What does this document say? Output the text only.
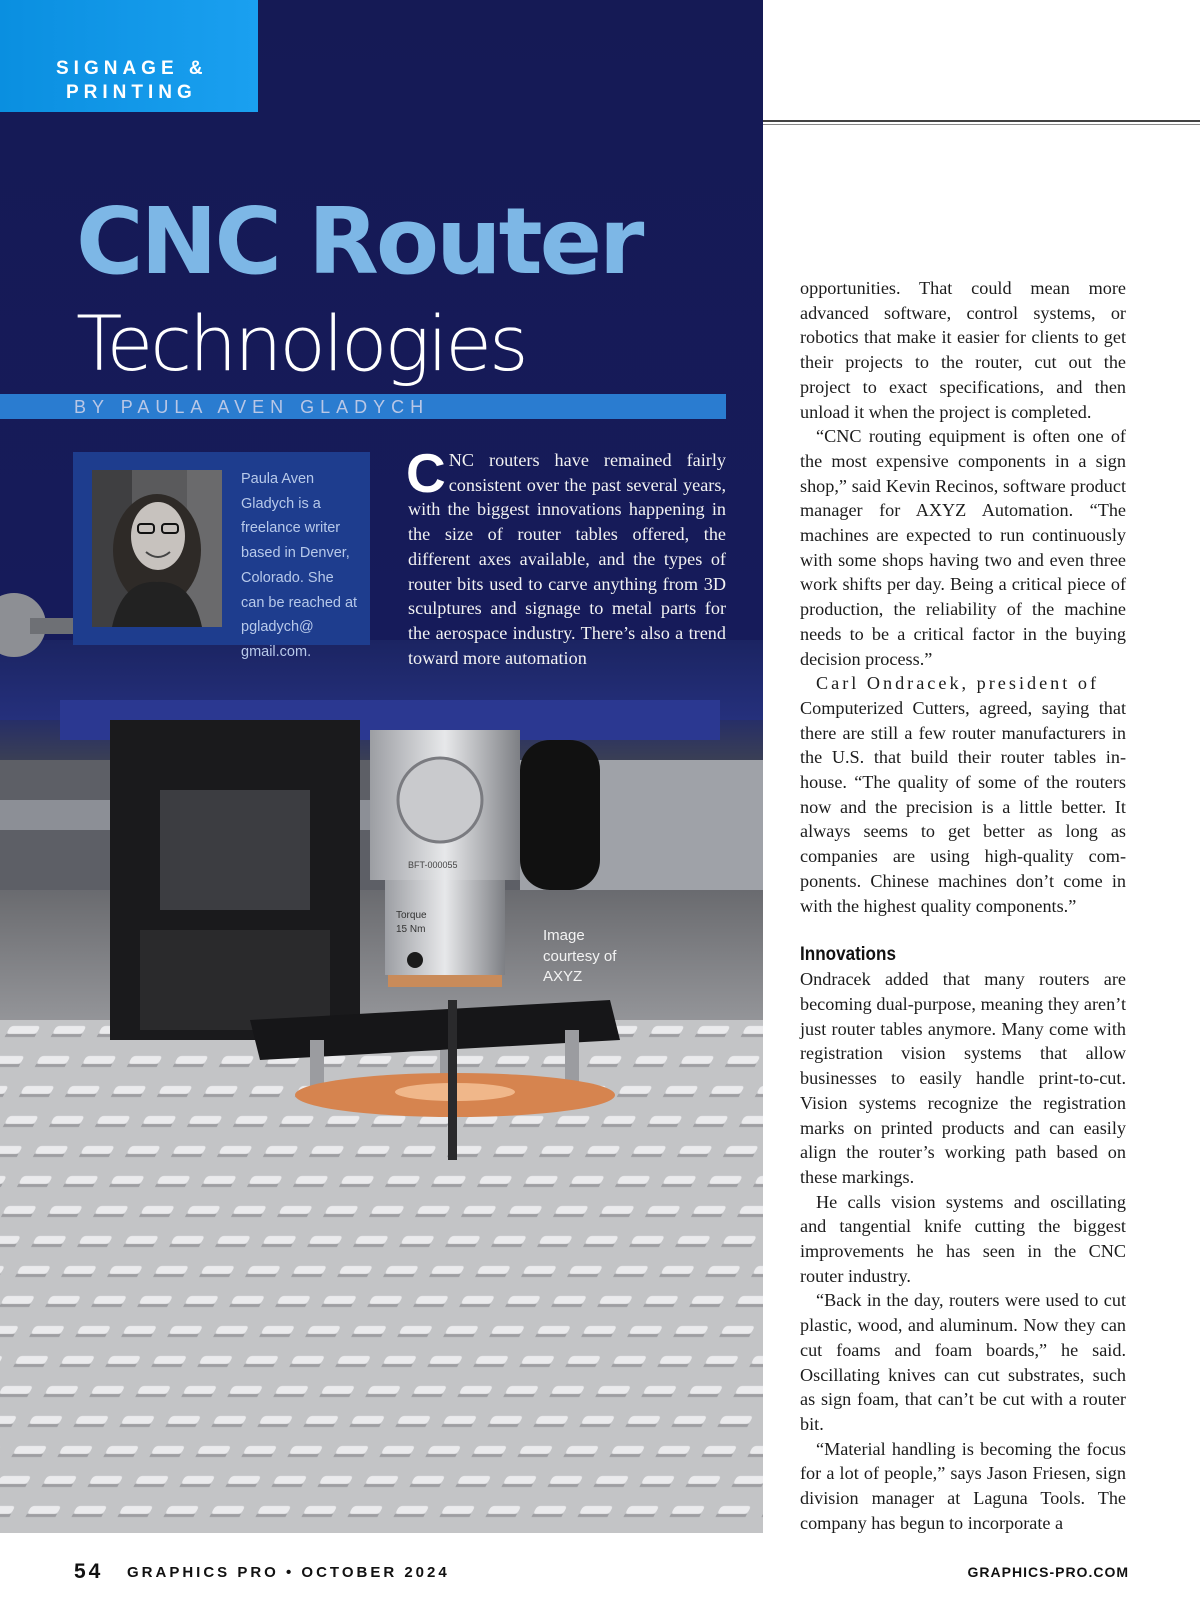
BFT-000055
Torque
15 Nm
SIGNAGE &
PRINTING
CNC Router
Technologies
BY PAULA AVEN GLADYCH
Paula Aven Gladych is a freelance writer based in Denver, Colorado. She can be reached at pgladych@ gmail.com.
CNC routers have remained fairly consistent over the past several years, with the biggest innovations happening in the size of router tables offered, the different axes available, and the types of router bits used to carve anything from 3D sculptures and signage to metal parts for the aerospace industry. There’s also a trend toward more automation
Image courtesy of AXYZ

opportunities. That could mean more advanced software, control systems, or robotics that make it easier for clients to get their projects to the router, cut out the project to exact specifications, and then unload it when the project is completed.

“CNC routing equipment is often one of the most expensive components in a sign shop,” said Kevin Recinos, software product manager for AXYZ Automation. “The machines are expected to run continuously with some shops having two and even three work shifts per day. Being a critical piece of production, the reliability of the machine needs to be a critical factor in the buying decision process.”

Carl Ondracek, president of

Computerized Cutters, agreed, saying that there are still a few router manufacturers in the U.S. that build their router tables in-house. “The quality of some of the routers now and the precision is a little better. It always seems to get better as long as companies are using high-quality components. Chinese machines don’t come in with the highest quality components.”

Innovations

Ondracek added that many routers are becoming dual-purpose, meaning they aren’t just router tables anymore. Many come with registration vision systems that allow businesses to easily handle print-to-cut. Vision systems recognize the registration marks on printed products and can easily align the router’s working path based on these markings.

He calls vision systems and oscillating and tangential knife cutting the biggest improvements he has seen in the CNC router industry.

“Back in the day, routers were used to cut plastic, wood, and aluminum. Now they can cut foams and foam boards,” he said. Oscillating knives can cut substrates, such as sign foam, that can’t be cut with a router bit.

“Material handling is becoming the focus for a lot of people,” says Jason Friesen, sign division manager at Laguna Tools. The company has begun to incorporate a

54 GRAPHICS PRO • OCTOBER 2024	GRAPHICS-PRO.COM
